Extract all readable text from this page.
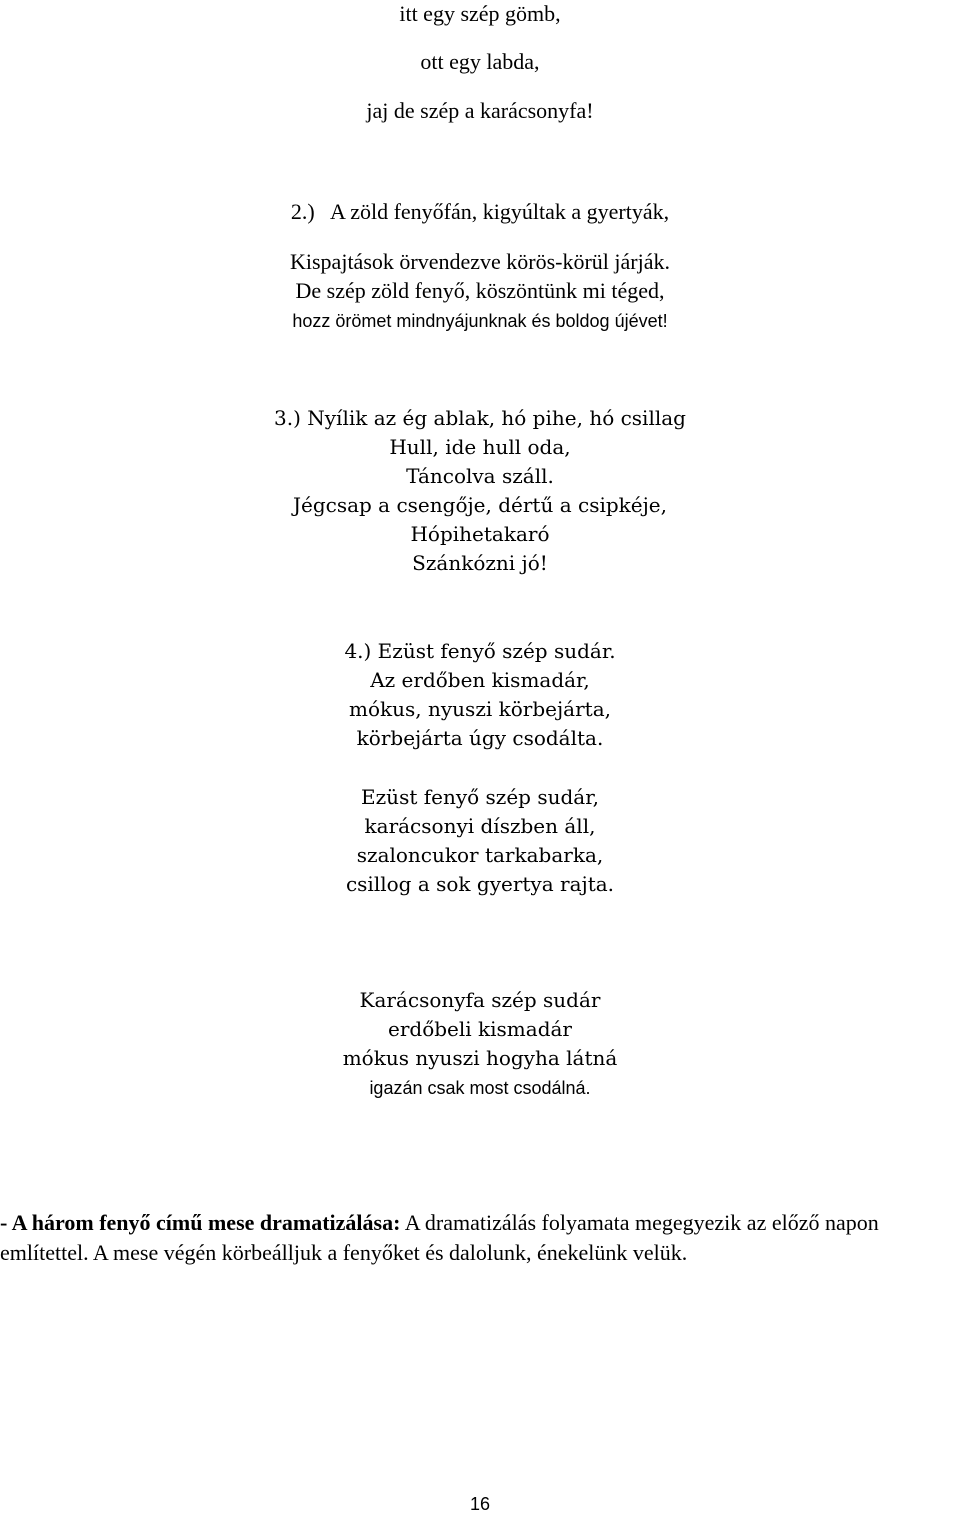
itt egy szép gömb,
ott egy labda,
jaj de szép a karácsonyfa!
2.)   A zöld fenyőfán, kigyúltak a gyertyák,
Kispajtások örvendezve körös-körül járják.
De szép zöld fenyő, köszöntünk mi téged,
hozz örömet mindnyájunknak és boldog újévet!
3.) Nyílik az ég ablak, hó pihe, hó csillag
Hull, ide hull oda,
Táncolva száll.
Jégcsap a csengője, dértű a csipkéje,
Hópihetakaró
Szánkózni jó!
4.) Ezüst fenyő szép sudár.
Az erdőben kismadár,
mókus, nyuszi körbejárta,
körbejárta úgy csodálta.
Ezüst fenyő szép sudár,
karácsonyi díszben áll,
szaloncukor tarkabarka,
csillog a sok gyertya rajta.
Karácsonyfa szép sudár
erdőbeli kismadár
mókus nyuszi hogyha látná
igazán csak most csodálná.
- A három fenyő című mese dramatizálása: A dramatizálás folyamata megegyezik az előző napon említettel. A mese végén körbeálljuk a fenyőket és dalolunk, énekelünk velük.
16
